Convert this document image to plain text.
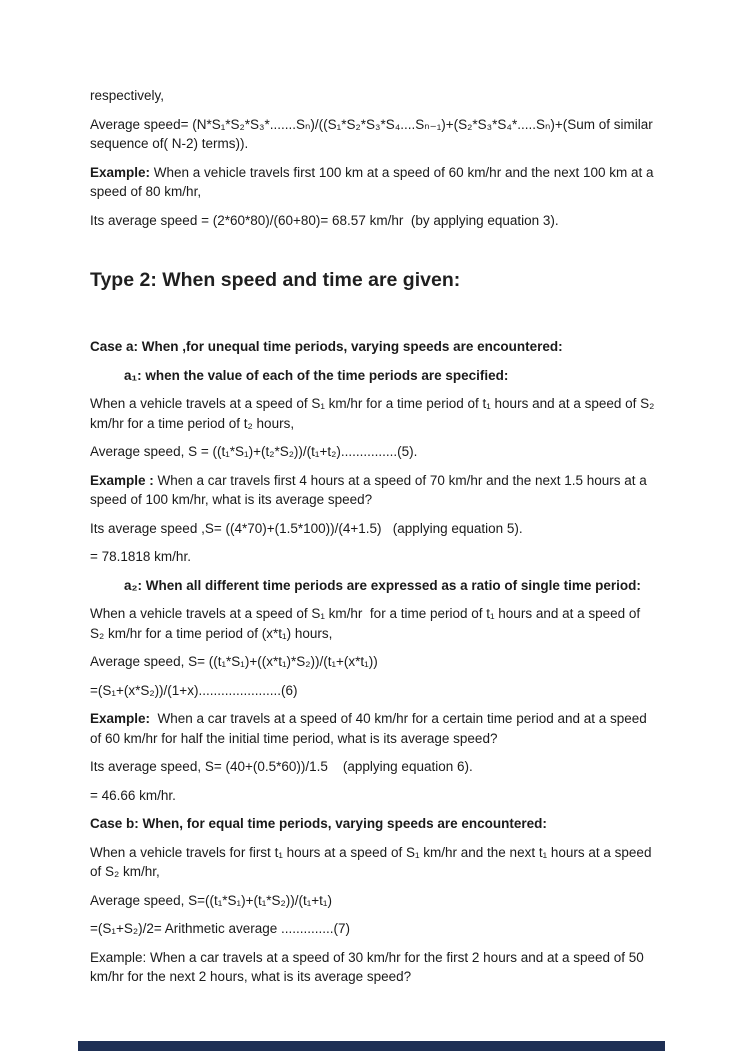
respectively,

Average speed= (N*S₁*S₂*S₃*.......Sₙ)/((S₁*S₂*S₃*S₄....Sₙ₋₁)+(S₂*S₃*S₄*.....Sₙ)+(Sum of similar sequence of( N-2) terms)).

Example: When a vehicle travels first 100 km at a speed of 60 km/hr and the next 100 km at a speed of 80 km/hr,

Its average speed = (2*60*80)/(60+80)= 68.57 km/hr  (by applying equation 3).

Type 2: When speed and time are given:

Case a: When ,for unequal time periods, varying speeds are encountered:

a₁: when the value of each of the time periods are specified:

When a vehicle travels at a speed of S₁ km/hr for a time period of t₁ hours and at a speed of S₂ km/hr for a time period of t₂ hours,

Average speed, S = ((t₁*S₁)+(t₂*S₂))/(t₁+t₂)...............(5).

Example : When a car travels first 4 hours at a speed of 70 km/hr and the next 1.5 hours at a speed of 100 km/hr, what is its average speed?

Its average speed ,S= ((4*70)+(1.5*100))/(4+1.5)   (applying equation 5).

= 78.1818 km/hr.

a₂: When all different time periods are expressed as a ratio of single time period:

When a vehicle travels at a speed of S₁ km/hr  for a time period of t₁ hours and at a speed of S₂ km/hr for a time period of (x*t₁) hours,

Average speed, S= ((t₁*S₁)+((x*t₁)*S₂))/(t₁+(x*t₁))

=(S₁+(x*S₂))/(1+x)......................(6)

Example:  When a car travels at a speed of 40 km/hr for a certain time period and at a speed of 60 km/hr for half the initial time period, what is its average speed?

Its average speed, S= (40+(0.5*60))/1.5    (applying equation 6).

= 46.66 km/hr.

Case b: When, for equal time periods, varying speeds are encountered:

When a vehicle travels for first t₁ hours at a speed of S₁ km/hr and the next t₁ hours at a speed of S₂ km/hr,

Average speed, S=((t₁*S₁)+(t₁*S₂))/(t₁+t₁)

=(S₁+S₂)/2= Arithmetic average ..............(7)

Example: When a car travels at a speed of 30 km/hr for the first 2 hours and at a speed of 50 km/hr for the next 2 hours, what is its average speed?
